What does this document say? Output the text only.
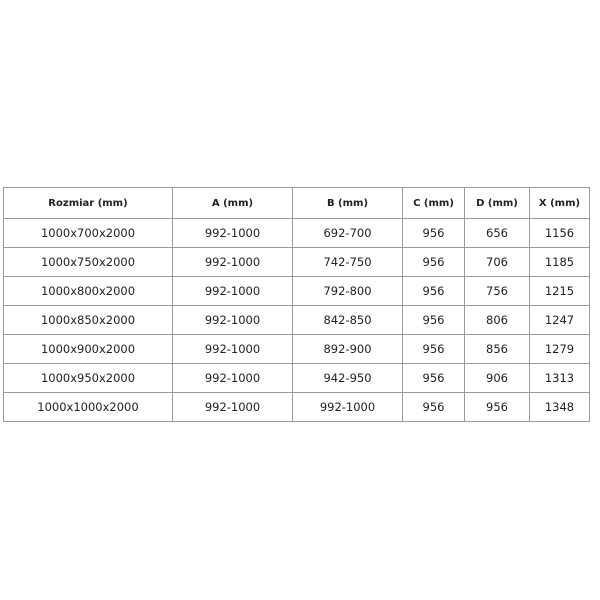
Rozmiar (mm)	A (mm)	B (mm)	C (mm)	D (mm)	X (mm)
1000x700x2000	992-1000	692-700	956	656	1156
1000x750x2000	992-1000	742-750	956	706	1185
1000x800x2000	992-1000	792-800	956	756	1215
1000x850x2000	992-1000	842-850	956	806	1247
1000x900x2000	992-1000	892-900	956	856	1279
1000x950x2000	992-1000	942-950	956	906	1313
1000x1000x2000	992-1000	992-1000	956	956	1348
